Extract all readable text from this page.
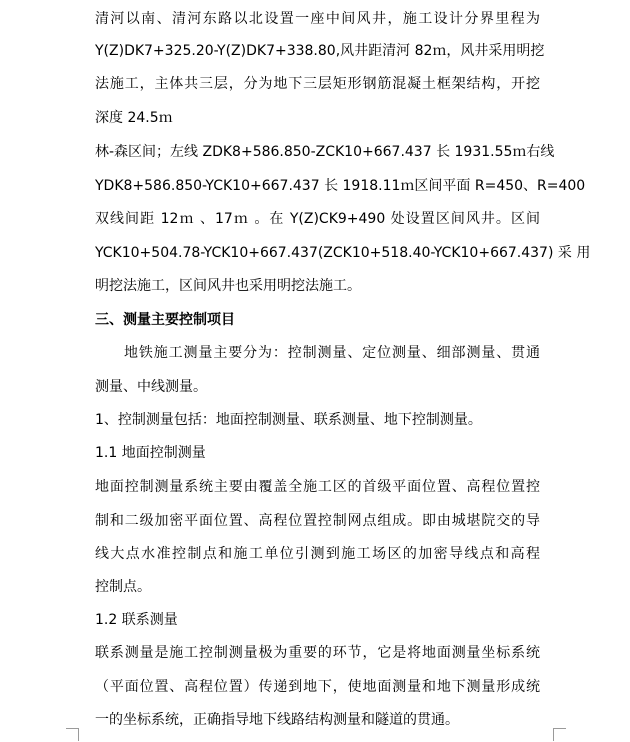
清河以南、清河东路以北设置一座中间风井，施工设计分界里程为
Y(Z)DK7+325.20-Y(Z)DK7+338.80,风井距清河 82ｍ，风井采用明挖
法施工，主体共三层，分为地下三层矩形钢筋混凝土框架结构，开挖
深度 24.5ｍ
林-森区间；左线 ZDK8+586.850-ZCK10+667.437 长 1931.55ｍ右线
YDK8+586.850-YCK10+667.437 长 1918.11ｍ区间平面 R=450、R=400
双线间距 12ｍ 、17ｍ 。在 Y(Z)CK9+490 处设置区间风井。区间
YCK10+504.78-YCK10+667.437(ZCK10+518.40-YCK10+667.437) 采 用
明挖法施工，区间风井也采用明挖法施工。
三、测量主要控制项目
地铁施工测量主要分为：控制测量、定位测量、细部测量、贯通
测量、中线测量。
1、控制测量包括：地面控制测量、联系测量、地下控制测量。
1.1 地面控制测量
地面控制测量系统主要由覆盖全施工区的首级平面位置、高程位置控
制和二级加密平面位置、高程位置控制网点组成。即由城堪院交的导
线大点水准控制点和施工单位引测到施工场区的加密导线点和高程
控制点。
1.2 联系测量
联系测量是施工控制测量极为重要的环节，它是将地面测量坐标系统
（平面位置、高程位置）传递到地下，使地面测量和地下测量形成统
一的坐标系统，正确指导地下线路结构测量和隧道的贯通。
